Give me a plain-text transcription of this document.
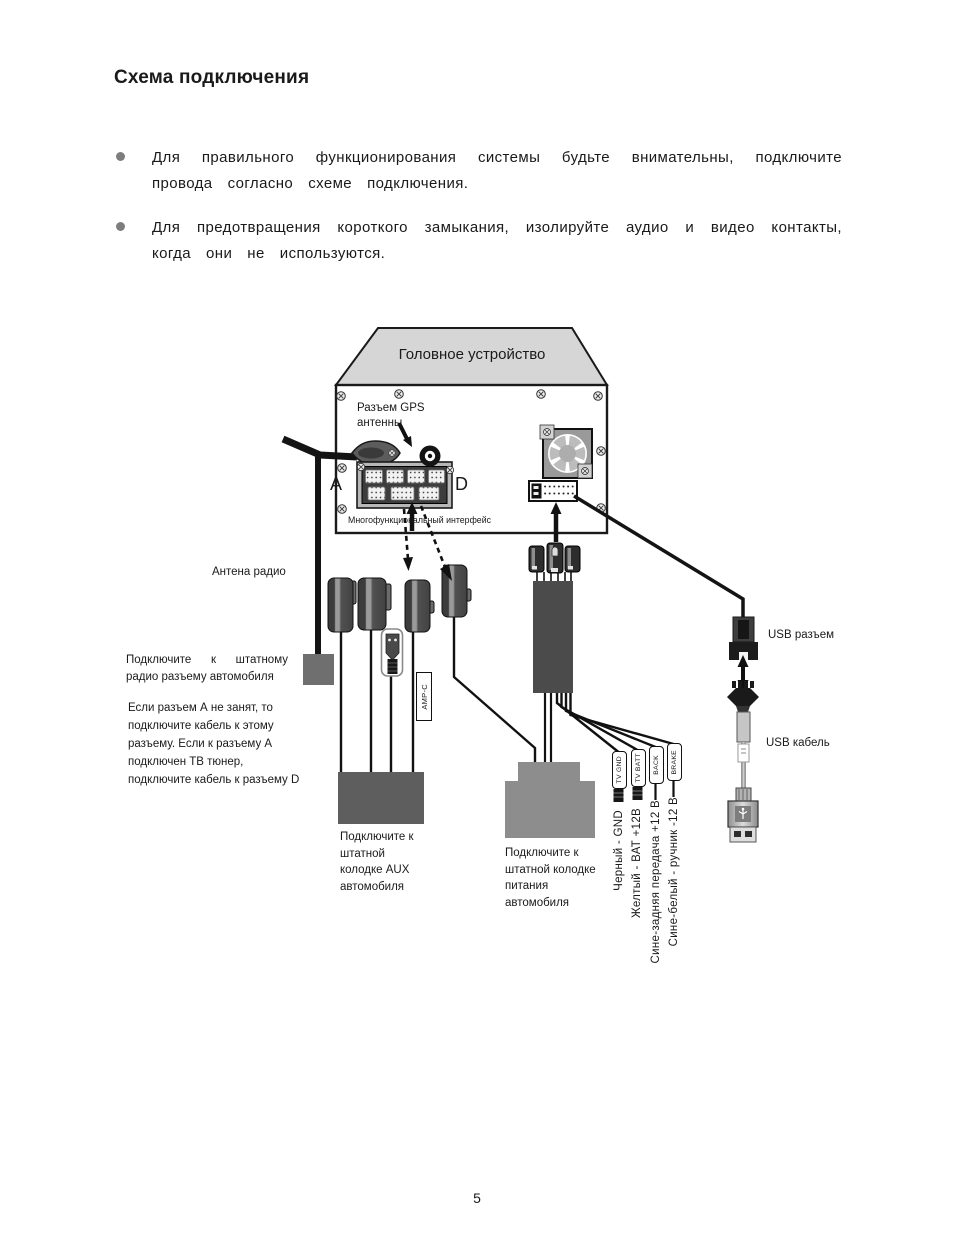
Схема подключения
Для правильного функционирования системы будьте внимательны, подключите провода согласно схеме подключения.
Для предотвращения короткого замыкания, изолируйте аудио и видео контакты, когда они не используются.
Головное устройство
Разъем GPS антенны
А	D
Многофункциональный интерфейс
Антена радио
Подключите к штатному радио разъему автомобиля
Если разъем А не занят, то подключите кабель к этому разъему. Если к разъему А подключен ТВ тюнер, подключите кабель к разъему D
Подключите к штатной колодке AUX автомобиля
Подключите к штатной колодке питания автомобиля
AMP-C
USB разъем
USB кабель
TV GND TV BATT BACK BRAKE
Черный - GND Желтый - ВАТ +12В Сине-задняя передача +12 В Сине-белый - ручник -12 В
5
